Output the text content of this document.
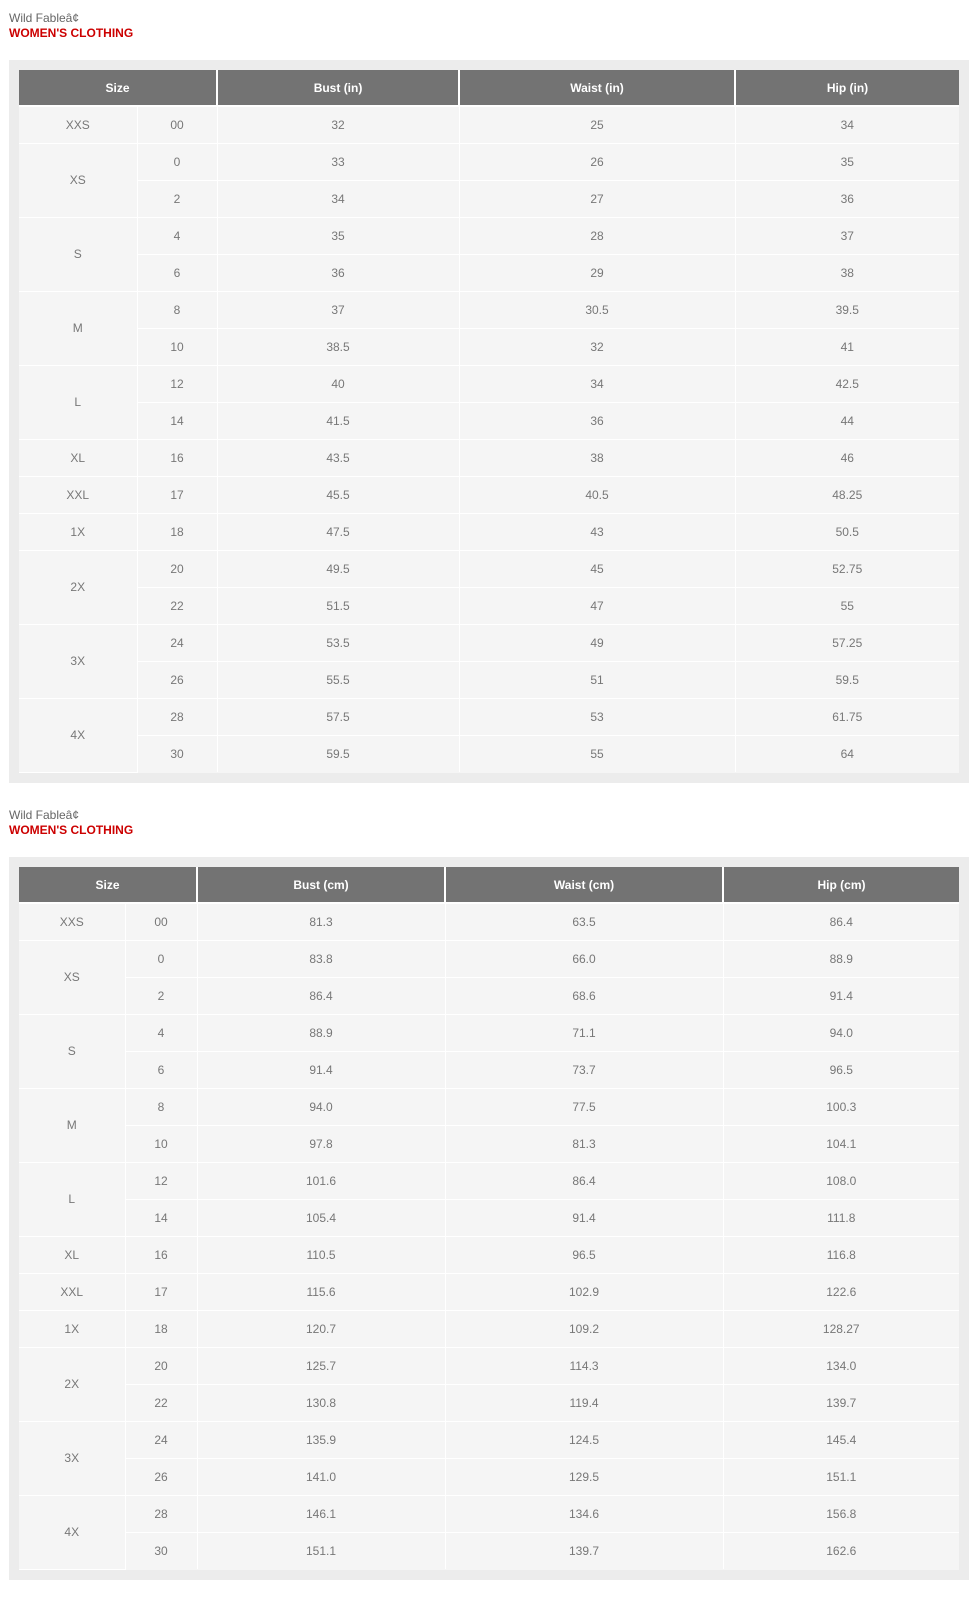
Wild Fableâ¢

WOMEN'S CLOTHING

Size		Bust (in)	Waist (in)	Hip (in)
XXS	00	32	25	34
XS	0	33	26	35
	2	34	27	36
S	4	35	28	37
	6	36	29	38
M	8	37	30.5	39.5
	10	38.5	32	41
L	12	40	34	42.5
	14	41.5	36	44
XL	16	43.5	38	46
XXL	17	45.5	40.5	48.25
1X	18	47.5	43	50.5
2X	20	49.5	45	52.75
	22	51.5	47	55
3X	24	53.5	49	57.25
	26	55.5	51	59.5
4X	28	57.5	53	61.75
	30	59.5	55	64

Wild Fableâ¢

WOMEN'S CLOTHING

Size		Bust (cm)	Waist (cm)	Hip (cm)
XXS	00	81.3	63.5	86.4
XS	0	83.8	66.0	88.9
	2	86.4	68.6	91.4
S	4	88.9	71.1	94.0
	6	91.4	73.7	96.5
M	8	94.0	77.5	100.3
	10	97.8	81.3	104.1
L	12	101.6	86.4	108.0
	14	105.4	91.4	111.8
XL	16	110.5	96.5	116.8
XXL	17	115.6	102.9	122.6
1X	18	120.7	109.2	128.27
2X	20	125.7	114.3	134.0
	22	130.8	119.4	139.7
3X	24	135.9	124.5	145.4
	26	141.0	129.5	151.1
4X	28	146.1	134.6	156.8
	30	151.1	139.7	162.6
